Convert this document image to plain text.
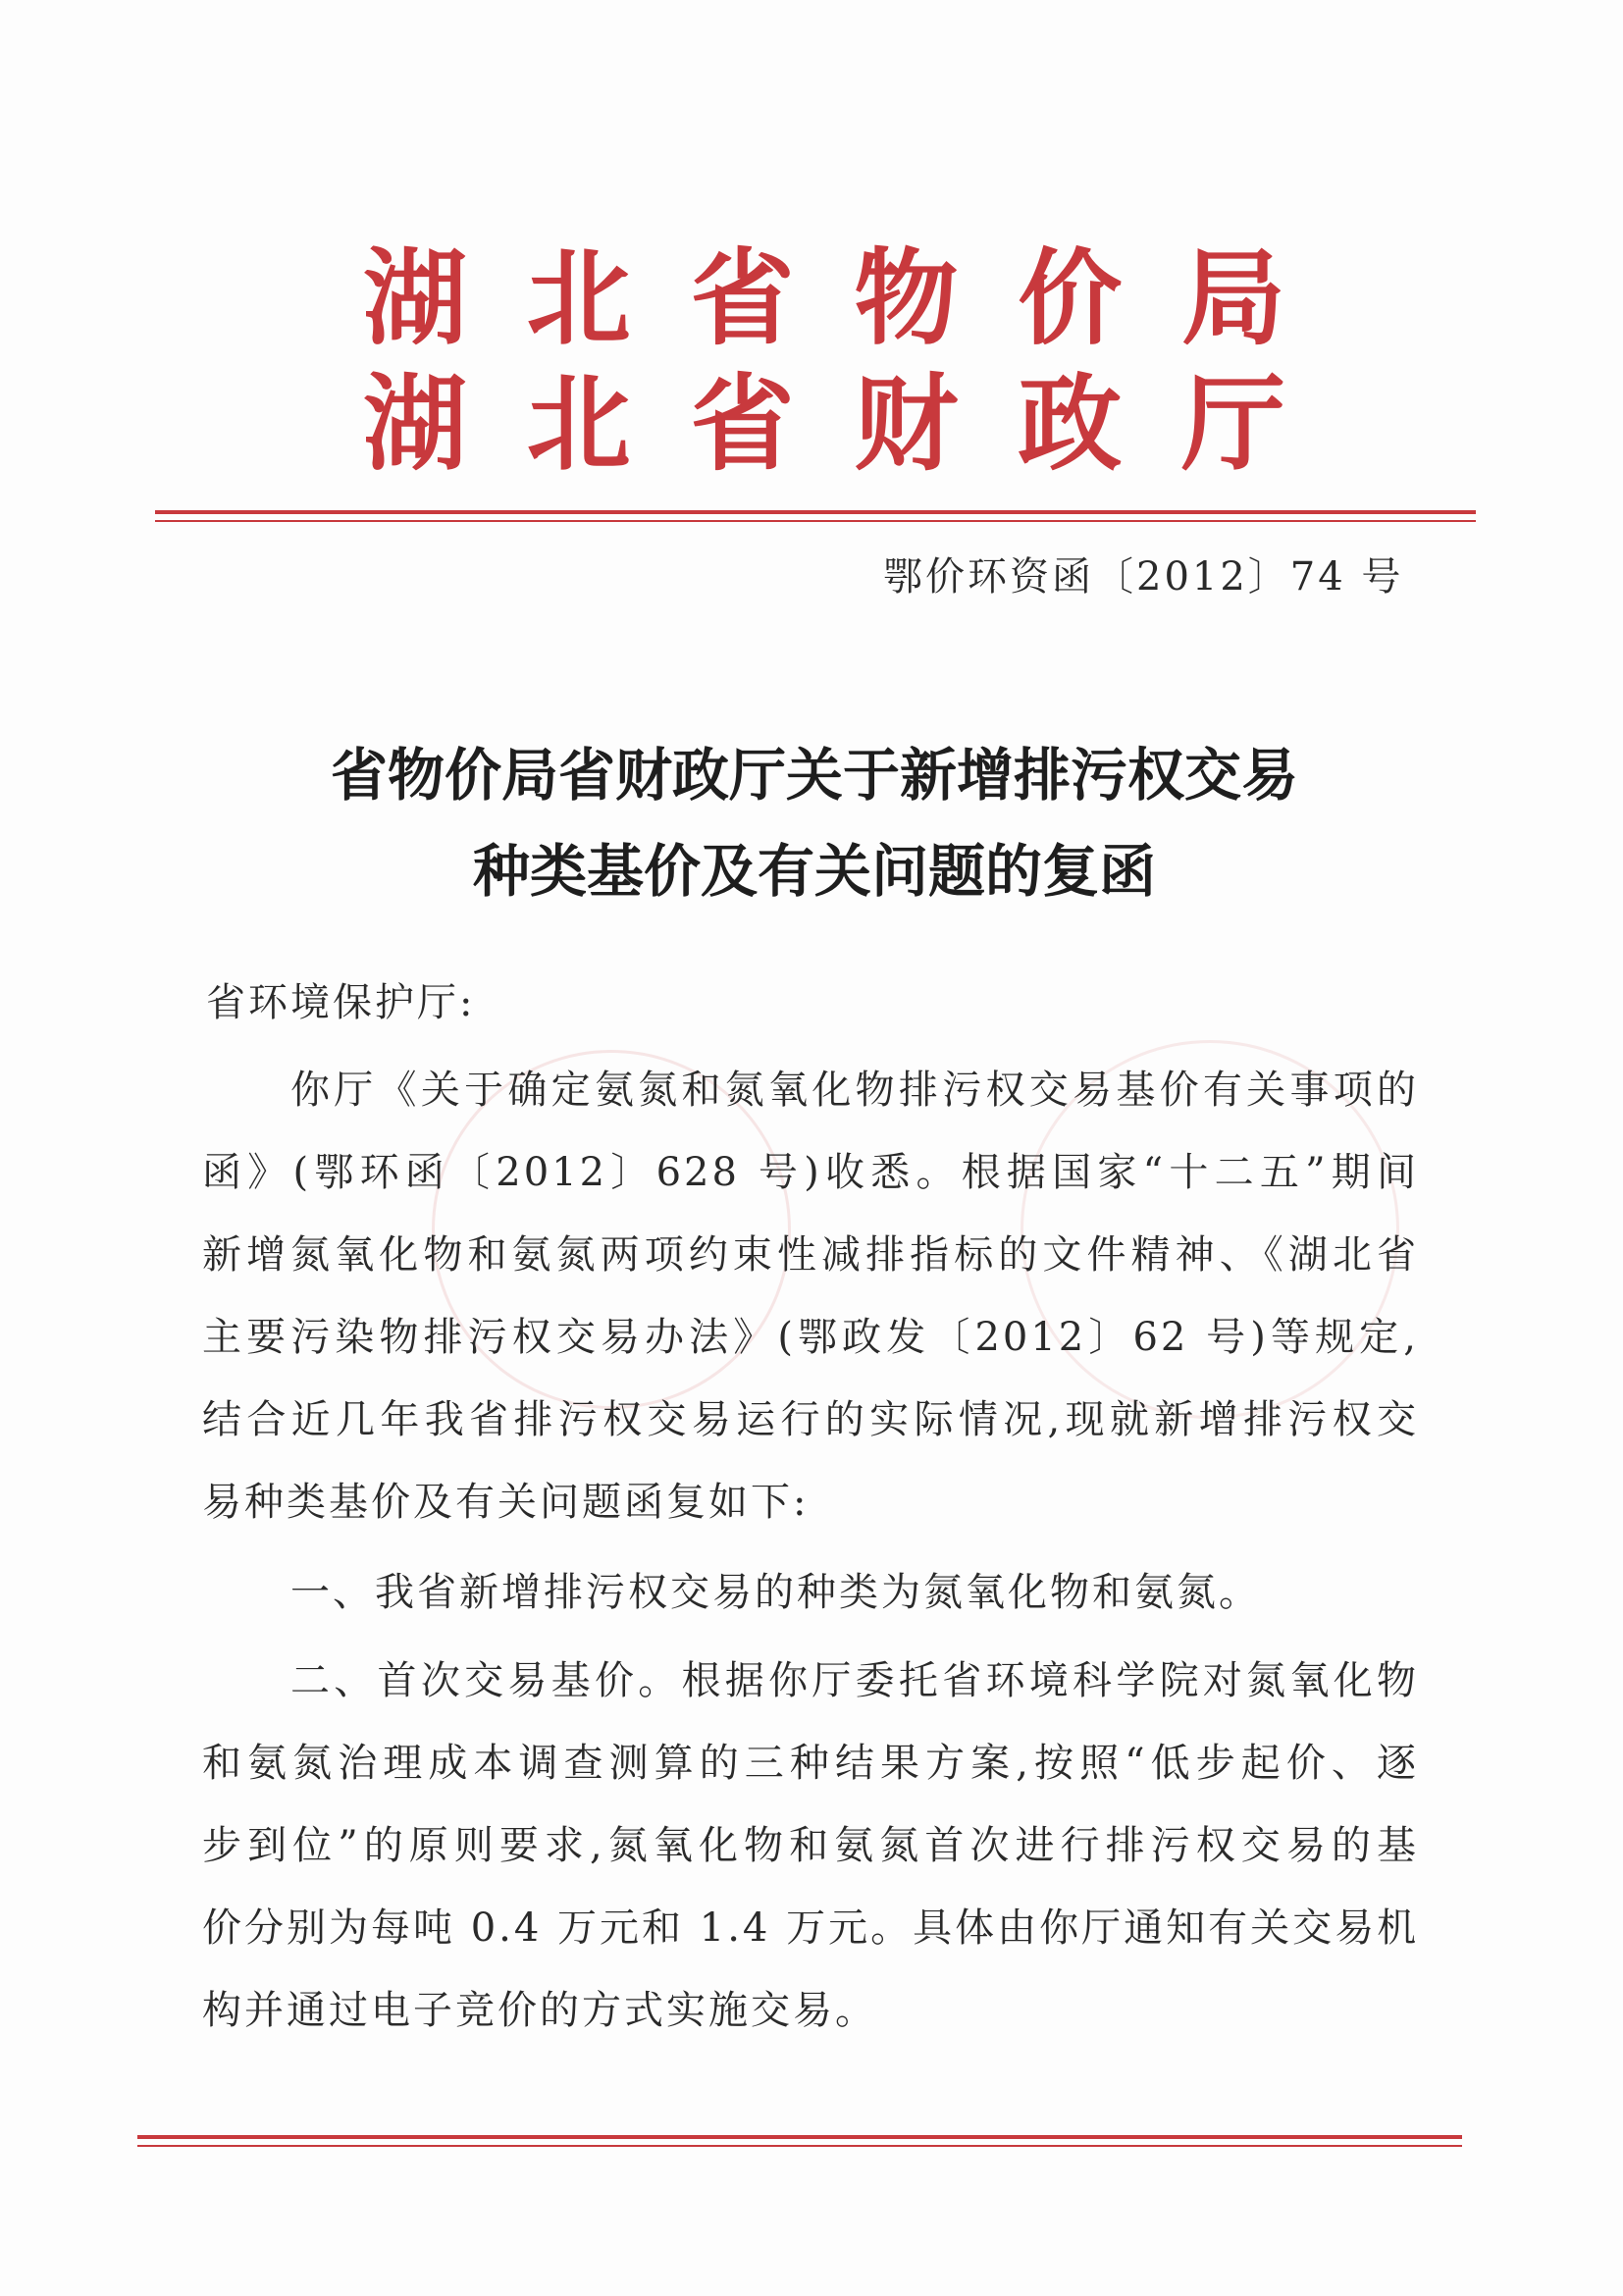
湖 北 省 物 价 局
湖 北 省 财 政 厅
鄂价环资函〔2012〕74 号
省物价局省财政厅关于新增排污权交易
种类基价及有关问题的复函
省环境保护厅:
你厅《关于确定氨氮和氮氧化物排污权交易基价有关事项的
函》(鄂环函〔2012〕628 号)收悉。根据国家“十二五”期间
新增氮氧化物和氨氮两项约束性减排指标的文件精神、《湖北省
主要污染物排污权交易办法》(鄂政发〔2012〕62 号)等规定,
结合近几年我省排污权交易运行的实际情况,现就新增排污权交
易种类基价及有关问题函复如下:
一、我省新增排污权交易的种类为氮氧化物和氨氮。
二、首次交易基价。根据你厅委托省环境科学院对氮氧化物
和氨氮治理成本调查测算的三种结果方案,按照“低步起价、逐
步到位”的原则要求,氮氧化物和氨氮首次进行排污权交易的基
价分别为每吨 0.4 万元和 1.4 万元。具体由你厅通知有关交易机
构并通过电子竞价的方式实施交易。
